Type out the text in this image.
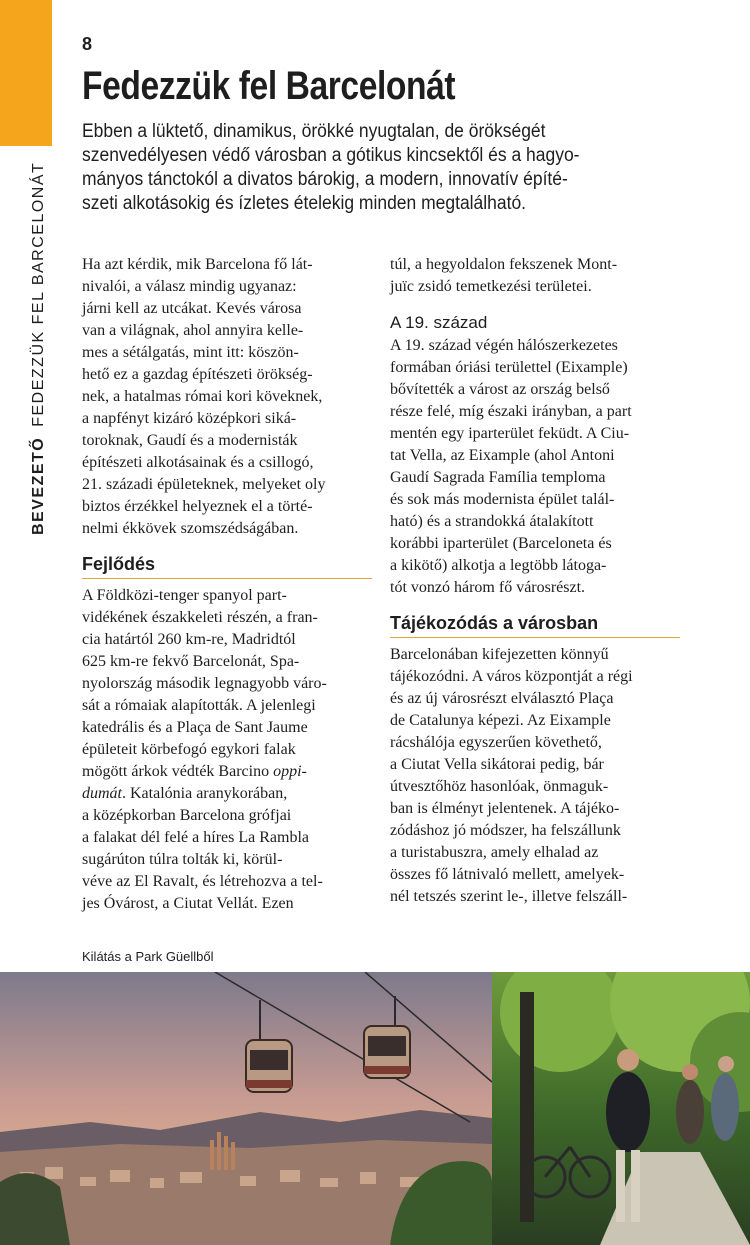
BEVEZETŐFEDEZZÜK FEL BARCELONÁT
8
Fedezzük fel Barcelonát
Ebben a lüktető, dinamikus, örökké nyugtalan, de örökségét
szenvedélyesen védő városban a gótikus kincsektől és a hagyo-
mányos tánctokól a divatos bárokig, a modern, innovatív építé-
szeti alkotásokig és ízletes ételekig minden megtalálható.

Ha azt kérdik, mik Barcelona fő lát-
nivalói, a válasz mindig ugyanaz:
járni kell az utcákat. Kevés városa
van a világnak, ahol annyira kelle-
mes a sétálgatás, mint itt: köszön-
hető ez a gazdag építészeti örökség-
nek, a hatalmas római kori köveknek,
a napfényt kizáró középkori siká-
toroknak, Gaudí és a modernisták
építészeti alkotásainak és a csillogó,
21. századi épületeknek, melyeket oly
biztos érzékkel helyeznek el a törté-
nelmi ékkövek szomszédságában.

Fejlődés

A Földközi-tenger spanyol part-
vidékének északkeleti részén, a fran-
cia határtól 260 km-re, Madridtól
625 km-re fekvő Barcelonát, Spa-
nyolország második legnagyobb váro-
sát a rómaiak alapították. A jelenlegi
katedrális és a Plaça de Sant Jaume
épületeit körbefogó egykori falak
mögött árkok védték Barcino oppi-
dumát. Katalónia aranykorában,
a középkorban Barcelona grófjai
a falakat dél felé a híres La Rambla
sugárúton túlra tolták ki, körül-
véve az El Ravalt, és létrehozva a tel-
jes Óvárost, a Ciutat Vellát. Ezen

túl, a hegyoldalon fekszenek Mont-
juïc zsidó temetkezési területei.

A 19. század

A 19. század végén hálószerkezetes
formában óriási területtel (Eixample)
bővítették a várost az ország belső
része felé, míg északi irányban, a part
mentén egy iparterület feküdt. A Ciu-
tat Vella, az Eixample (ahol Antoni
Gaudí Sagrada Família temploma
és sok más modernista épület talál-
ható) és a strandokká átalakított
korábbi iparterület (Barceloneta és
a kikötő) alkotja a legtöbb látoga-
tót vonzó három fő városrészt.

Tájékozódás a városban

Barcelonában kifejezetten könnyű
tájékozódni. A város központját a régi
és az új városrészt elválasztó Plaça
de Catalunya képezi. Az Eixample
rácshálója egyszerűen követhető,
a Ciutat Vella sikátorai pedig, bár
útvesztőhöz hasonlóak, önmaguk-
ban is élményt jelentenek. A tájéko-
zódáshoz jó módszer, ha felszállunk
a turistabuszra, amely elhalad az
összes fő látnivaló mellett, amelyek-
nél tetszés szerint le-, illetve felszáll-

Kilátás a Park Güellből
